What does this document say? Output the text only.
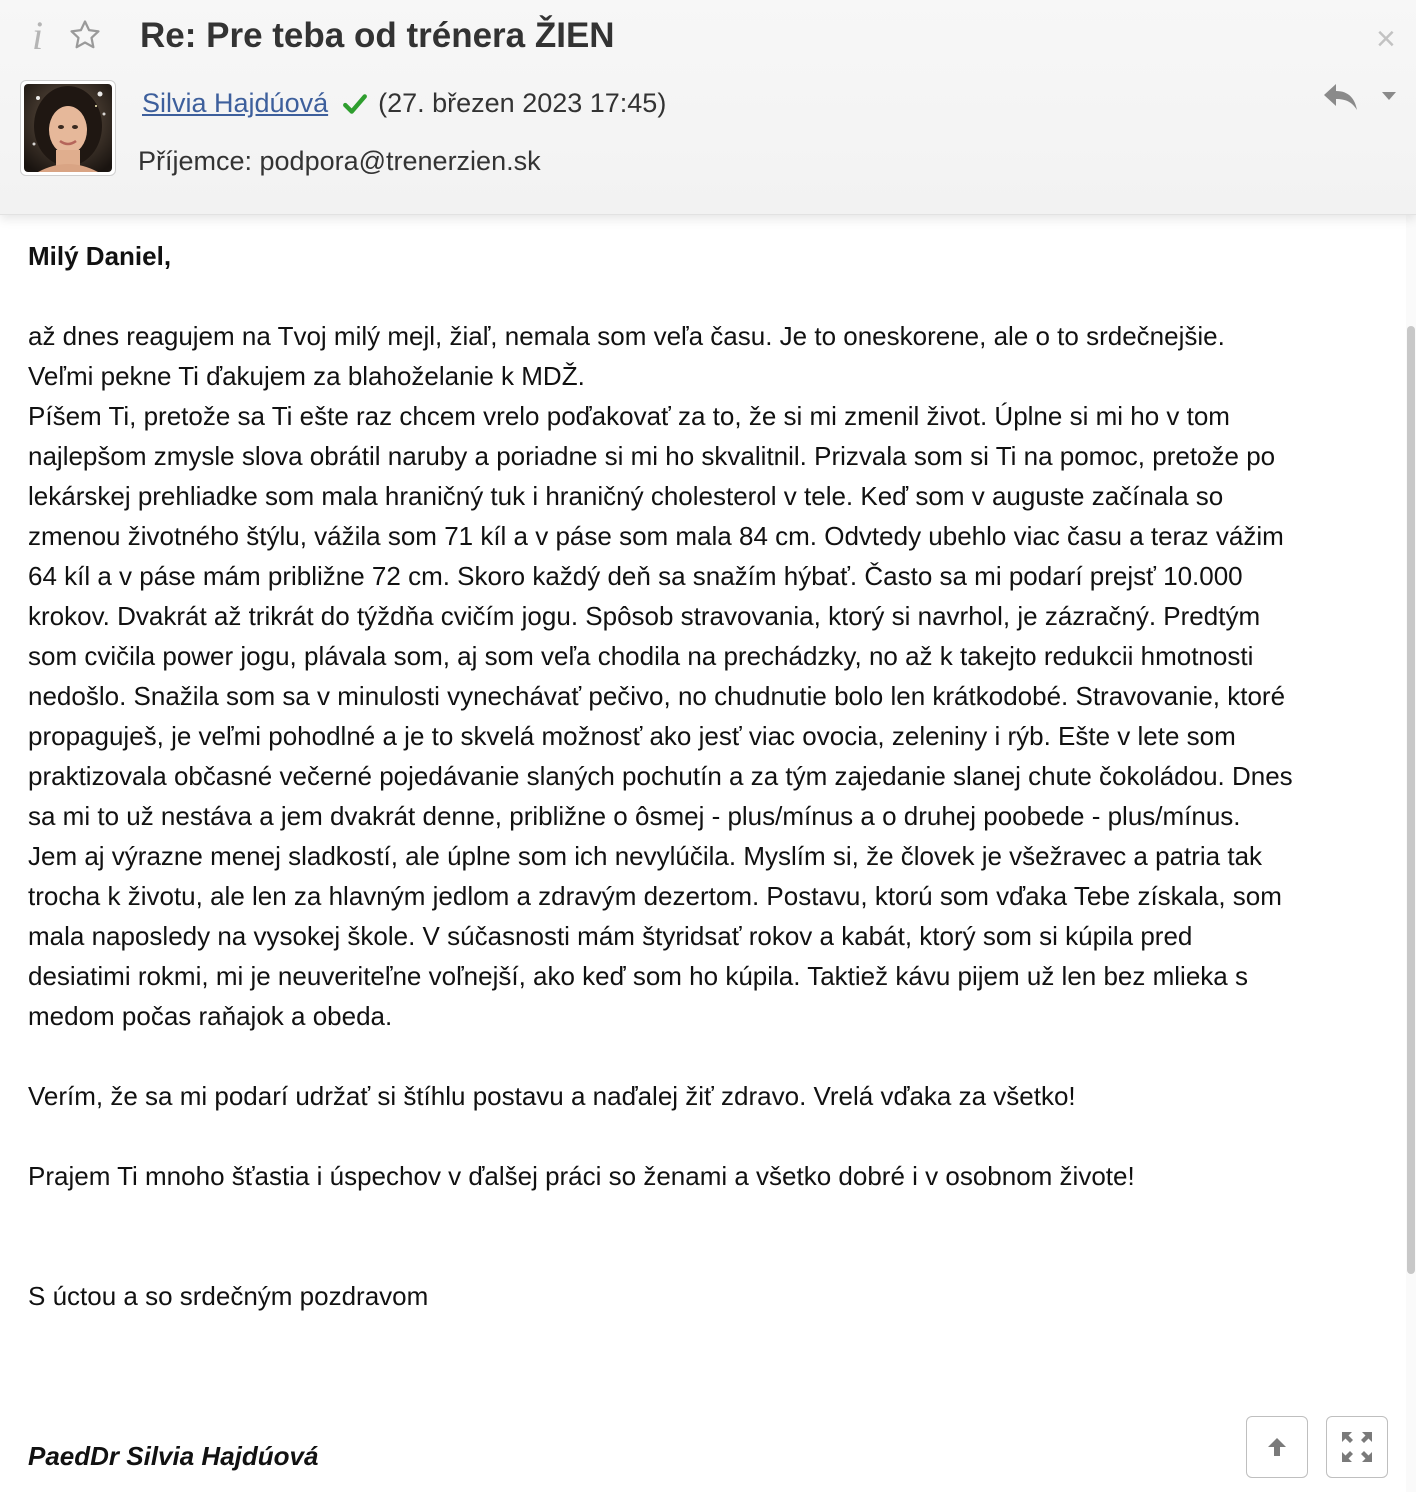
i	Re: Pre teba od trénera ŽIEN	×
Silvia Hajdúová (27. březen 2023 17:45)
Příjemce: podpora@trenerzien.sk

Milý Daniel,

až dnes reagujem na Tvoj milý mejl, žiaľ, nemala som veľa času. Je to oneskorene, ale o to srdečnejšie.

Veľmi pekne Ti ďakujem za blahoželanie k MDŽ.

Píšem Ti, pretože sa Ti ešte raz chcem vrelo poďakovať za to, že si mi zmenil život. Úplne si mi ho v tom

najlepšom zmysle slova obrátil naruby a poriadne si mi ho skvalitnil. Prizvala som si Ti na pomoc, pretože po

lekárskej prehliadke som mala hraničný tuk i hraničný cholesterol v tele. Keď som v auguste začínala so

zmenou životného štýlu, vážila som 71 kíl a v páse som mala 84 cm. Odvtedy ubehlo viac času a teraz vážim

64 kíl a v páse mám približne 72 cm. Skoro každý deň sa snažím hýbať. Často sa mi podarí prejsť 10.000

krokov. Dvakrát až trikrát do týždňa cvičím jogu. Spôsob stravovania, ktorý si navrhol, je zázračný. Predtým

som cvičila power jogu, plávala som, aj som veľa chodila na prechádzky, no až k takejto redukcii hmotnosti

nedošlo. Snažila som sa v minulosti vynechávať pečivo, no chudnutie bolo len krátkodobé. Stravovanie, ktoré

propaguješ, je veľmi pohodlné a je to skvelá možnosť ako jesť viac ovocia, zeleniny i rýb. Ešte v lete som

praktizovala občasné večerné pojedávanie slaných pochutín a za tým zajedanie slanej chute čokoládou. Dnes

sa mi to už nestáva a jem dvakrát denne, približne o ôsmej - plus/mínus a o druhej poobede - plus/mínus.

Jem aj výrazne menej sladkostí, ale úplne som ich nevylúčila. Myslím si, že človek je všežravec a patria tak

trocha k životu, ale len za hlavným jedlom a zdravým dezertom. Postavu, ktorú som vďaka Tebe získala, som

mala naposledy na vysokej škole. V súčasnosti mám štyridsať rokov a kabát, ktorý som si kúpila pred

desiatimi rokmi, mi je neuveriteľne voľnejší, ako keď som ho kúpila. Taktiež kávu pijem už len bez mlieka s

medom počas raňajok a obeda.

Verím, že sa mi podarí udržať si štíhlu postavu a naďalej žiť zdravo. Vrelá vďaka za všetko!

Prajem Ti mnoho šťastia i úspechov v ďalšej práci so ženami a všetko dobré i v osobnom živote!

S úctou a so srdečným pozdravom

PaedDr Silvia Hajdúová
